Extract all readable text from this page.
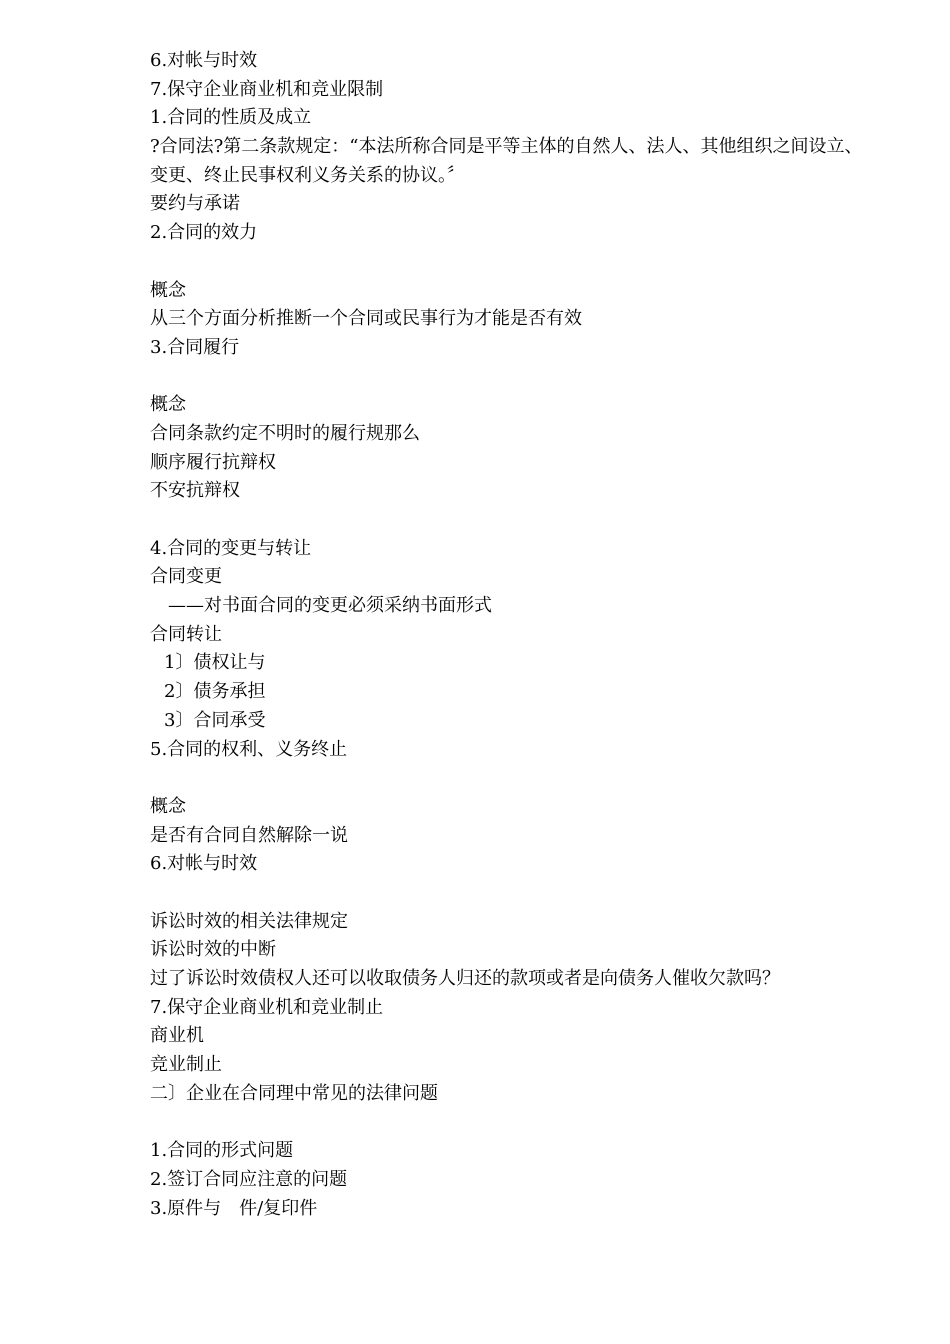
6.对帐与时效
7.保守企业商业机和竞业限制
1.合同的性质及成立
?合同法?第二条款规定：“本法所称合同是平等主体的自然人、法人、其他组织之间设立、变更、终止民事权利义务关系的协议。〞
要约与承诺
2.合同的效力
概念
从三个方面分析推断一个合同或民事行为才能是否有效
3.合同履行
概念
合同条款约定不明时的履行规那么
顺序履行抗辩权
不安抗辩权
4.合同的变更与转让
合同变更
——对书面合同的变更必须采纳书面形式
合同转让
1〕债权让与
2〕债务承担
3〕合同承受
5.合同的权利、义务终止
概念
是否有合同自然解除一说
6.对帐与时效
诉讼时效的相关法律规定
诉讼时效的中断
过了诉讼时效债权人还可以收取债务人归还的款项或者是向债务人催收欠款吗？
7.保守企业商业机和竞业制止
商业机
竞业制止
二〕企业在合同理中常见的法律问题
1.合同的形式问题
2.签订合同应注意的问题
3.原件与　件/复印件
